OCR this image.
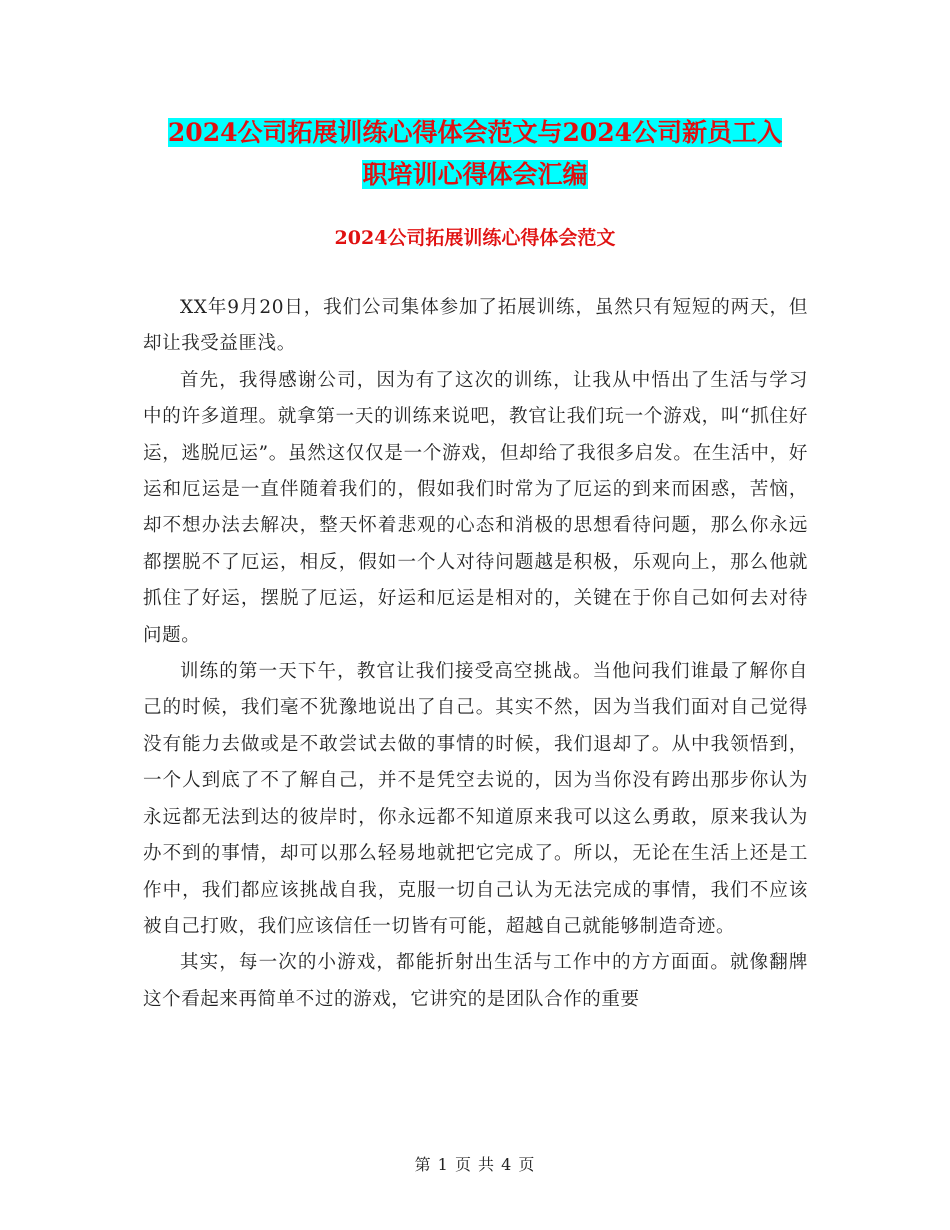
2024公司拓展训练心得体会范文与2024公司新员工入
职培训心得体会汇编
2024公司拓展训练心得体会范文

XX年9月20日，我们公司集体参加了拓展训练，虽然只有短短的两天，但却让我受益匪浅。

首先，我得感谢公司，因为有了这次的训练，让我从中悟出了生活与学习中的许多道理。就拿第一天的训练来说吧，教官让我们玩一个游戏，叫“抓住好运，逃脱厄运”。虽然这仅仅是一个游戏，但却给了我很多启发。在生活中，好运和厄运是一直伴随着我们的，假如我们时常为了厄运的到来而困惑，苦恼，却不想办法去解决，整天怀着悲观的心态和消极的思想看待问题，那么你永远都摆脱不了厄运，相反，假如一个人对待问题越是积极，乐观向上，那么他就抓住了好运，摆脱了厄运，好运和厄运是相对的，关键在于你自己如何去对待问题。

训练的第一天下午，教官让我们接受高空挑战。当他问我们谁最了解你自己的时候，我们毫不犹豫地说出了自己。其实不然，因为当我们面对自己觉得没有能力去做或是不敢尝试去做的事情的时候，我们退却了。从中我领悟到，一个人到底了不了解自己，并不是凭空去说的，因为当你没有跨出那步你认为永远都无法到达的彼岸时，你永远都不知道原来我可以这么勇敢，原来我认为办不到的事情，却可以那么轻易地就把它完成了。所以，无论在生活上还是工作中，我们都应该挑战自我，克服一切自己认为无法完成的事情，我们不应该被自己打败，我们应该信任一切皆有可能，超越自己就能够制造奇迹。

其实，每一次的小游戏，都能折射出生活与工作中的方方面面。就像翻牌这个看起来再简单不过的游戏，它讲究的是团队合作的重要

第 1 页 共 4 页
